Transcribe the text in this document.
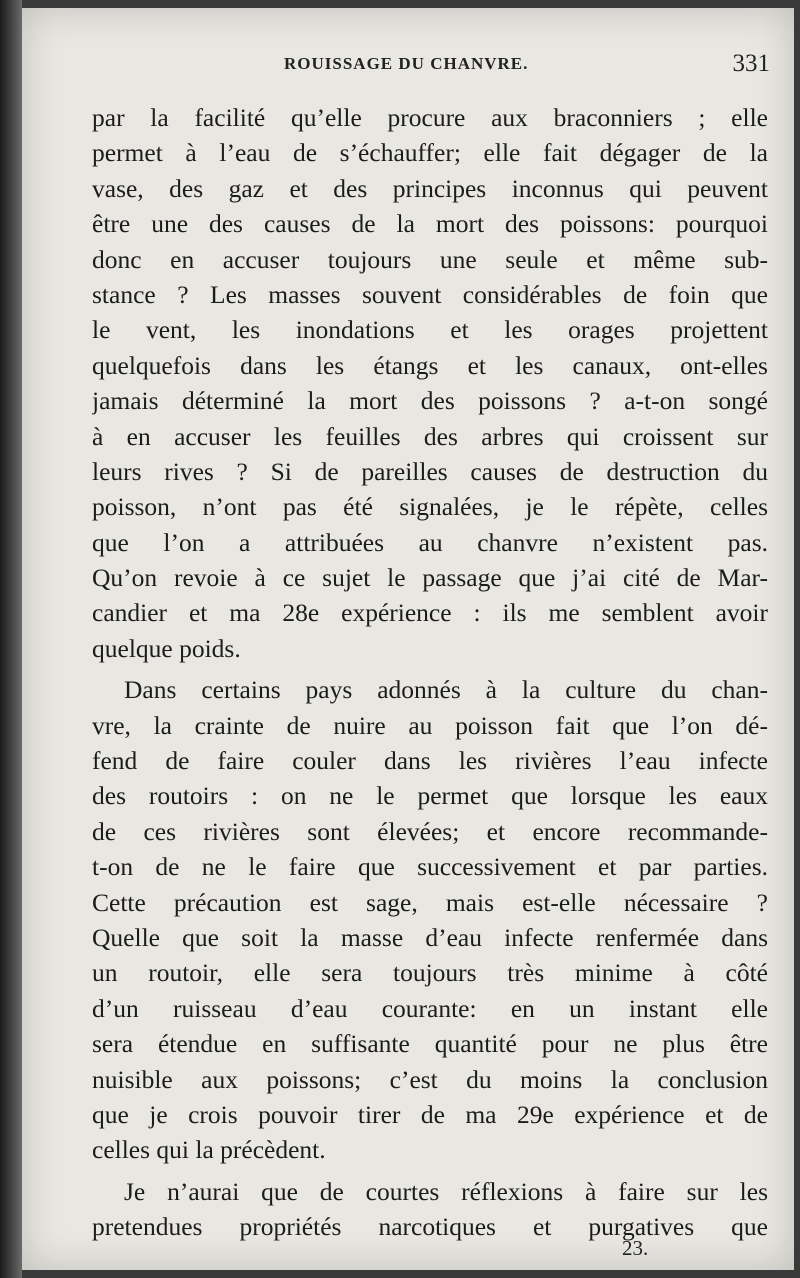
ROUISSAGE DU CHANVRE.	331
par la facilité qu’elle procure aux braconniers ; elle
permet à l’eau de s’échauffer; elle fait dégager de la
vase, des gaz et des principes inconnus qui peuvent
être une des causes de la mort des poissons: pourquoi
donc en accuser toujours une seule et même sub-
stance ? Les masses souvent considérables de foin que
le vent, les inondations et les orages projettent
quelquefois dans les étangs et les canaux, ont-elles
jamais déterminé la mort des poissons ? a-t-on songé
à en accuser les feuilles des arbres qui croissent sur
leurs rives ? Si de pareilles causes de destruction du
poisson, n’ont pas été signalées, je le répète, celles
que l’on a attribuées au chanvre n’existent pas.
Qu’on revoie à ce sujet le passage que j’ai cité de Mar-
candier et ma 28e expérience : ils me semblent avoir
quelque poids.
Dans certains pays adonnés à la culture du chan-
vre, la crainte de nuire au poisson fait que l’on dé-
fend de faire couler dans les rivières l’eau infecte
des routoirs : on ne le permet que lorsque les eaux
de ces rivières sont élevées; et encore recommande-
t-on de ne le faire que successivement et par parties.
Cette précaution est sage, mais est-elle nécessaire ?
Quelle que soit la masse d’eau infecte renfermée dans
un routoir, elle sera toujours très minime à côté
d’un ruisseau d’eau courante: en un instant elle
sera étendue en suffisante quantité pour ne plus être
nuisible aux poissons; c’est du moins la conclusion
que je crois pouvoir tirer de ma 29e expérience et de
celles qui la précèdent.
Je n’aurai que de courtes réflexions à faire sur les
pretendues propriétés narcotiques et purgatives que
23.
